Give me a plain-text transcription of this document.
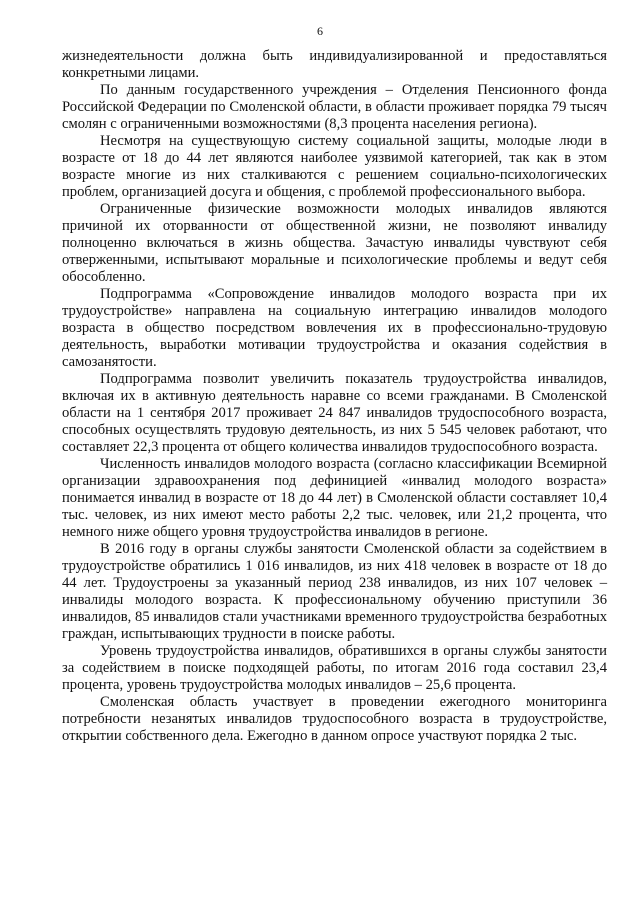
6

жизнедеятельности должна быть индивидуализированной и предоставляться конкретными лицами.

По данным государственного учреждения – Отделения Пенсионного фонда Российской Федерации по Смоленской области, в области проживает порядка 79 тысяч смолян с ограниченными возможностями (8,3 процента населения региона).

Несмотря на существующую систему социальной защиты, молодые люди в возрасте от 18 до 44 лет являются наиболее уязвимой категорией, так как в этом возрасте многие из них сталкиваются с решением социально-психологических проблем, организацией досуга и общения, с проблемой профессионального выбора.

Ограниченные физические возможности молодых инвалидов являются причиной их оторванности от общественной жизни, не позволяют инвалиду полноценно включаться в жизнь общества. Зачастую инвалиды чувствуют себя отверженными, испытывают моральные и психологические проблемы и ведут себя обособленно.

Подпрограмма «Сопровождение инвалидов молодого возраста при их трудоустройстве» направлена на социальную интеграцию инвалидов молодого возраста в общество посредством вовлечения их в профессионально-трудовую деятельность, выработки мотивации трудоустройства и оказания содействия в самозанятости.

Подпрограмма позволит увеличить показатель трудоустройства инвалидов, включая их в активную деятельность наравне со всеми гражданами. В Смоленской области на 1 сентября 2017 проживает 24 847 инвалидов трудоспособного возраста, способных осуществлять трудовую деятельность, из них 5 545 человек работают, что составляет 22,3 процента от общего количества инвалидов трудоспособного возраста.

Численность инвалидов молодого возраста (согласно классификации Всемирной организации здравоохранения под дефиницией «инвалид молодого возраста» понимается инвалид в возрасте от 18 до 44 лет) в Смоленской области составляет 10,4 тыс. человек, из них имеют место работы 2,2 тыс. человек, или 21,2 процента, что немного ниже общего уровня трудоустройства инвалидов в регионе.

В 2016 году в органы службы занятости Смоленской области за содействием в трудоустройстве обратились 1 016 инвалидов, из них 418 человек в возрасте от 18 до 44 лет. Трудоустроены за указанный период 238 инвалидов, из них 107 человек – инвалиды молодого возраста. К профессиональному обучению приступили 36 инвалидов, 85 инвалидов стали участниками временного трудоустройства безработных граждан, испытывающих трудности в поиске работы.

Уровень трудоустройства инвалидов, обратившихся в органы службы занятости за содействием в поиске подходящей работы, по итогам 2016 года составил 23,4 процента, уровень трудоустройства молодых инвалидов – 25,6 процента.

Смоленская область участвует в проведении ежегодного мониторинга потребности незанятых инвалидов трудоспособного возраста в трудоустройстве, открытии собственного дела. Ежегодно в данном опросе участвуют порядка 2 тыс.
